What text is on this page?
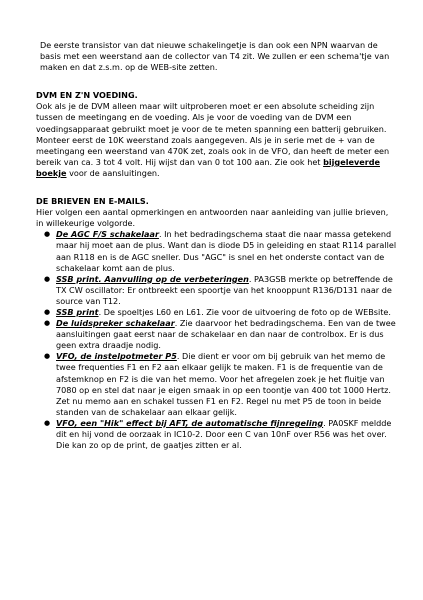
De eerste transistor van dat nieuwe schakelingetje is dan ook een NPN waarvan de basis met een weerstand aan de collector van T4 zit. We zullen er een schema'tje van maken en dat z.s.m. op de WEB-site zetten.

DVM EN Z'N VOEDING.

Ook als je de DVM alleen maar wilt uitproberen moet er een absolute scheiding zijn tussen de meetingang en de voeding. Als je voor de voeding van de DVM een voedingsapparaat gebruikt moet je voor de te meten spanning een batterij gebruiken. Monteer eerst de 10K weerstand zoals aangegeven. Als je in serie met de + van de meetingang een weerstand van 470K zet, zoals ook in de VFO, dan heeft de meter een bereik van ca. 3 tot 4 volt. Hij wijst dan van 0 tot 100 aan. Zie ook het bijgeleverde boekje voor de aansluitingen.

DE BRIEVEN EN E-MAILS.

Hier volgen een aantal opmerkingen en antwoorden naar aanleiding van jullie brieven, in willekeurige volgorde.

● De AGC F/S schakelaar. In het bedradingschema staat die naar massa getekend maar hij moet aan de plus. Want dan is diode D5 in geleiding en staat R114 parallel aan R118 en is de AGC sneller. Dus "AGC" is snel en het onderste contact van de schakelaar komt aan de plus.
● SSB print. Aanvulling op de verbeteringen. PA3GSB merkte op betreffende de TX CW oscillator: Er ontbreekt een spoortje van het knooppunt R136/D131 naar de source van T12.
● SSB print. De spoeltjes L60 en L61. Zie voor de uitvoering de foto op de WEBsite.
● De luidspreker schakelaar. Zie daarvoor het bedradingschema. Een van de twee aansluitingen gaat eerst naar de schakelaar en dan naar de controlbox. Er is dus geen extra draadje nodig.
● VFO, de instelpotmeter P5. Die dient er voor om bij gebruik van het memo de twee frequenties F1 en F2 aan elkaar gelijk te maken. F1 is de frequentie van de afstemknop en F2 is die van het memo. Voor het afregelen zoek je het fluitje van 7080 op en stel dat naar je eigen smaak in op een toontje van 400 tot 1000 Hertz. Zet nu memo aan en schakel tussen F1 en F2. Regel nu met P5 de toon in beide standen van de schakelaar aan elkaar gelijk.
● VFO, een "Hik" effect bij AFT, de automatische fijnregeling. PA0SKF meldde dit en hij vond de oorzaak in IC10-2. Door een C van 10nF over R56 was het over. Die kan zo op de print, de gaatjes zitten er al.
